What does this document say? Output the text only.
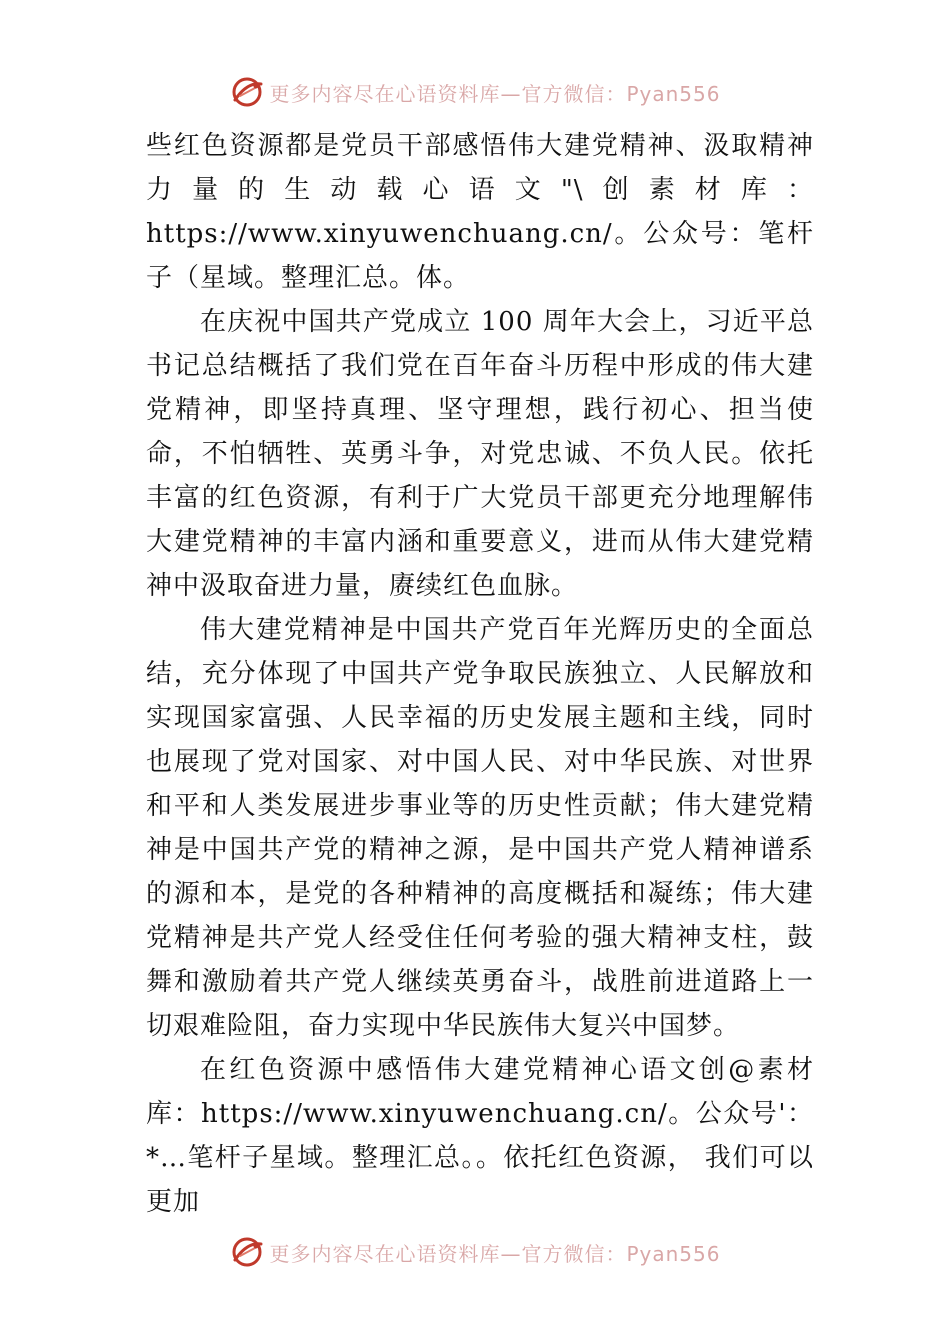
更多内容尽在心语资料库—官方微信：Pyan556

些红色资源都是党员干部感悟伟大建党精神、汲取精神力量的生动载心语文"\创素材库：https://www.xinyuwenchuang.cn/。公众号：笔杆子（星域。整理汇总。体。

在庆祝中国共产党成立 100 周年大会上，习近平总书记总结概括了我们党在百年奋斗历程中形成的伟大建党精神，即坚持真理、坚守理想，践行初心、担当使命，不怕牺牲、英勇斗争，对党忠诚、不负人民。依托丰富的红色资源，有利于广大党员干部更充分地理解伟大建党精神的丰富内涵和重要意义，进而从伟大建党精神中汲取奋进力量，赓续红色血脉。

伟大建党精神是中国共产党百年光辉历史的全面总结，充分体现了中国共产党争取民族独立、人民解放和实现国家富强、人民幸福的历史发展主题和主线，同时也展现了党对国家、对中国人民、对中华民族、对世界和平和人类发展进步事业等的历史性贡献；伟大建党精神是中国共产党的精神之源，是中国共产党人精神谱系的源和本，是党的各种精神的高度概括和凝练；伟大建党精神是共产党人经受住任何考验的强大精神支柱，鼓舞和激励着共产党人继续英勇奋斗，战胜前进道路上一切艰难险阻，奋力实现中华民族伟大复兴中国梦。

在红色资源中感悟伟大建党精神心语文创@素材库：https://www.xinyuwenchuang.cn/。公众号'：*…笔杆子星域。整理汇总。。依托红色资源， 我们可以更加

更多内容尽在心语资料库—官方微信：Pyan556
